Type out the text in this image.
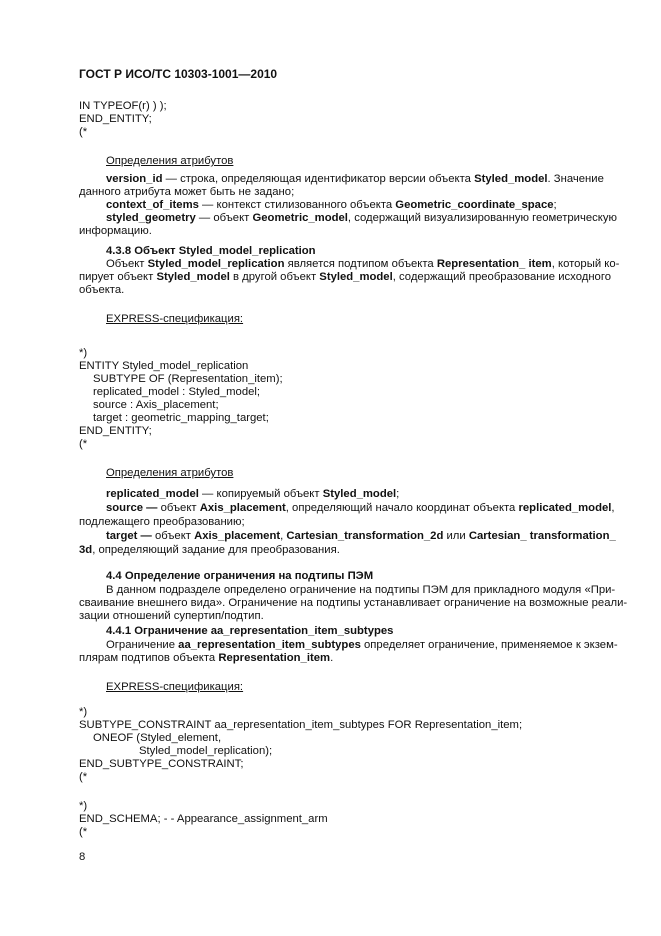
ГОСТ Р ИСО/ТС 10303-1001—2010
IN TYPEOF(r) ) );
END_ENTITY;
(*
Определения атрибутов
version_id — строка, определяющая идентификатор версии объекта Styled_model. Значение
данного атрибута может быть не задано;
context_of_items — контекст стилизованного объекта Geometric_coordinate_space;
styled_geometry — объект Geometric_model, содержащий визуализированную геометрическую
информацию.
4.3.8 Объект Styled_model_replication
Объект Styled_model_replication является подтипом объекта Representation_ item, который ко-
пирует объект Styled_model в другой объект Styled_model, содержащий преобразование исходного
объекта.
EXPRESS-спецификация:
*)
ENTITY Styled_model_replication
SUBTYPE OF (Representation_item);
replicated_model : Styled_model;
source : Axis_placement;
target : geometric_mapping_target;
END_ENTITY;
(*
Определения атрибутов
replicated_model — копируемый объект Styled_model;
source — объект Axis_placement, определяющий начало координат объекта replicated_model,
подлежащего преобразованию;
target — объект Axis_placement, Cartesian_transformation_2d или Cartesian_ transformation_
3d, определяющий задание для преобразования.
4.4 Определение ограничения на подтипы ПЭМ
В данном подразделе определено ограничение на подтипы ПЭМ для прикладного модуля «При-
сваивание внешнего вида». Ограничение на подтипы устанавливает ограничение на возможные реали-
зации отношений супертип/подтип.
4.4.1 Ограничение aa_representation_item_subtypes
Ограничение aa_representation_item_subtypes определяет ограничение, применяемое к экзем-
плярам подтипов объекта Representation_item.
EXPRESS-спецификация:
*)
SUBTYPE_CONSTRAINT aa_representation_item_subtypes FOR Representation_item;
ONEOF (Styled_element,
Styled_model_replication);
END_SUBTYPE_CONSTRAINT;
(*
*)
END_SCHEMA; - - Appearance_assignment_arm
(*
8
